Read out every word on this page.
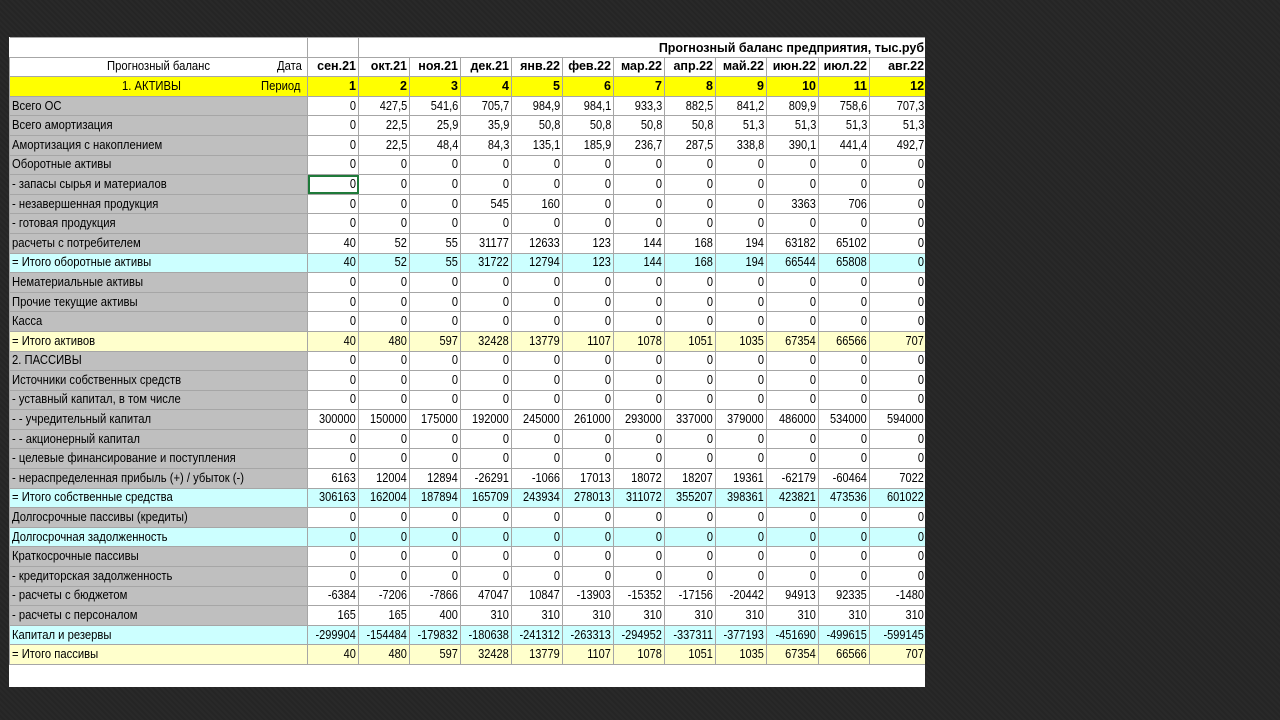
		Прогнозный баланс предприятия, тыс.руб										

Прогнозный баланс Дата	сен.21	окт.21	ноя.21	дек.21	янв.22	фев.22	мар.22	апр.22	май.22	июн.22	июл.22	авг.22

1. АКТИВЫ Период	1	2	3	4	5	6	7	8	9	10	11	12
Всего ОС	0	427,5	541,6	705,7	984,9	984,1	933,3	882,5	841,2	809,9	758,6	707,3
Всего амортизация	0	22,5	25,9	35,9	50,8	50,8	50,8	50,8	51,3	51,3	51,3	51,3
Амортизация с накоплением	0	22,5	48,4	84,3	135,1	185,9	236,7	287,5	338,8	390,1	441,4	492,7
Оборотные активы	0	0	0	0	0	0	0	0	0	0	0	0
- запасы сырья и материалов	0	0	0	0	0	0	0	0	0	0	0	0
- незавершенная продукция	0	0	0	545	160	0	0	0	0	3363	706	0
- готовая продукция	0	0	0	0	0	0	0	0	0	0	0	0
расчеты с потребителем	40	52	55	31177	12633	123	144	168	194	63182	65102	0
= Итого оборотные активы	40	52	55	31722	12794	123	144	168	194	66544	65808	0
Нематериальные активы	0	0	0	0	0	0	0	0	0	0	0	0
Прочие текущие активы	0	0	0	0	0	0	0	0	0	0	0	0
Касса	0	0	0	0	0	0	0	0	0	0	0	0
= Итого активов	40	480	597	32428	13779	1107	1078	1051	1035	67354	66566	707
2. ПАССИВЫ	0	0	0	0	0	0	0	0	0	0	0	0
Источники собственных средств	0	0	0	0	0	0	0	0	0	0	0	0
- уставный капитал, в том числе	0	0	0	0	0	0	0	0	0	0	0	0
- - учредительный капитал	300000	150000	175000	192000	245000	261000	293000	337000	379000	486000	534000	594000
- - акционерный капитал	0	0	0	0	0	0	0	0	0	0	0	0
- целевые финансирование и поступления	0	0	0	0	0	0	0	0	0	0	0	0
- нераспределенная прибыль (+) / убыток (-)	6163	12004	12894	-26291	-1066	17013	18072	18207	19361	-62179	-60464	7022
= Итого собственные средства	306163	162004	187894	165709	243934	278013	311072	355207	398361	423821	473536	601022
Долгосрочные пассивы (кредиты)	0	0	0	0	0	0	0	0	0	0	0	0
Долгосрочная задолженность	0	0	0	0	0	0	0	0	0	0	0	0
Краткосрочные пассивы	0	0	0	0	0	0	0	0	0	0	0	0
- кредиторская задолженность	0	0	0	0	0	0	0	0	0	0	0	0
- расчеты с бюджетом	-6384	-7206	-7866	47047	10847	-13903	-15352	-17156	-20442	94913	92335	-1480
- расчеты с персоналом	165	165	400	310	310	310	310	310	310	310	310	310
Капитал и резервы	-299904	-154484	-179832	-180638	-241312	-263313	-294952	-337311	-377193	-451690	-499615	-599145
= Итого пассивы	40	480	597	32428	13779	1107	1078	1051	1035	67354	66566	707
